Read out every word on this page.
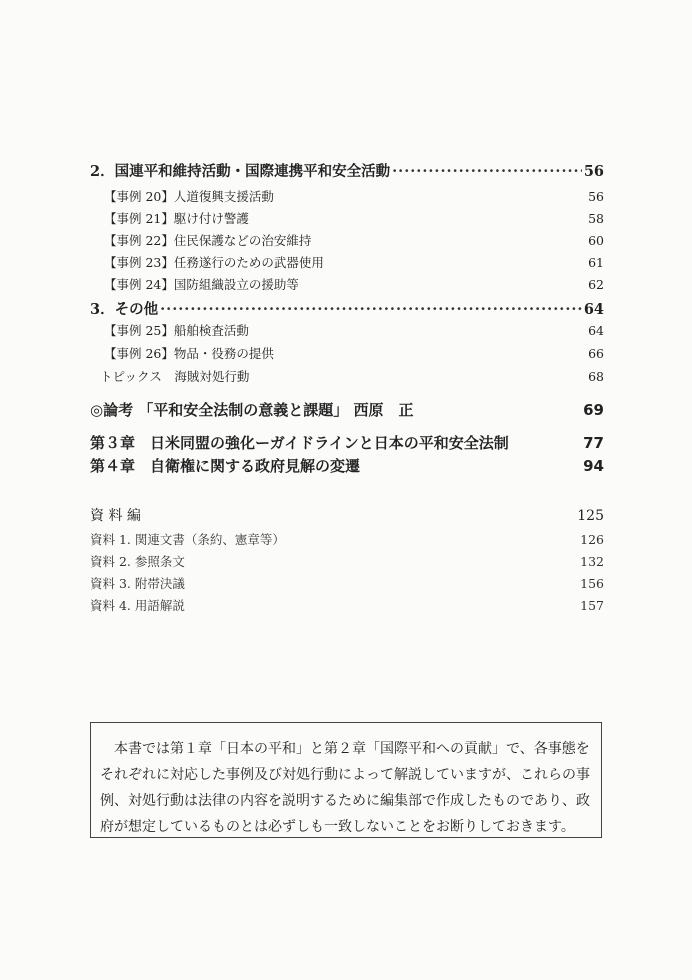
2．国連平和維持活動・国際連携平和安全活動 ·····	56
【事例 20】人道復興支援活動	56
【事例 21】駆け付け警護	58
【事例 22】住民保護などの治安維持	60
【事例 23】任務遂行のための武器使用	61
【事例 24】国防組織設立の援助等	62
3．その他 ·····	64
【事例 25】船舶検査活動	64
【事例 26】物品・役務の提供	66
トピックス　海賊対処行動	68
◎論考 「平和安全法制の意義と課題」 西原　正	69
第３章　日米同盟の強化ーガイドラインと日本の平和安全法制	77
第４章　自衛権に関する政府見解の変遷	94
資 料 編	125
資料 1. 関連文書（条約、憲章等）	126
資料 2. 参照条文	132
資料 3. 附帯決議	156
資料 4. 用語解説	157

本書では第１章「日本の平和」と第２章「国際平和への貢献」で、各事態をそれぞれに対応した事例及び対処行動によって解説していますが、これらの事例、対処行動は法律の内容を説明するために編集部で作成したものであり、政府が想定しているものとは必ずしも一致しないことをお断りしておきます。
